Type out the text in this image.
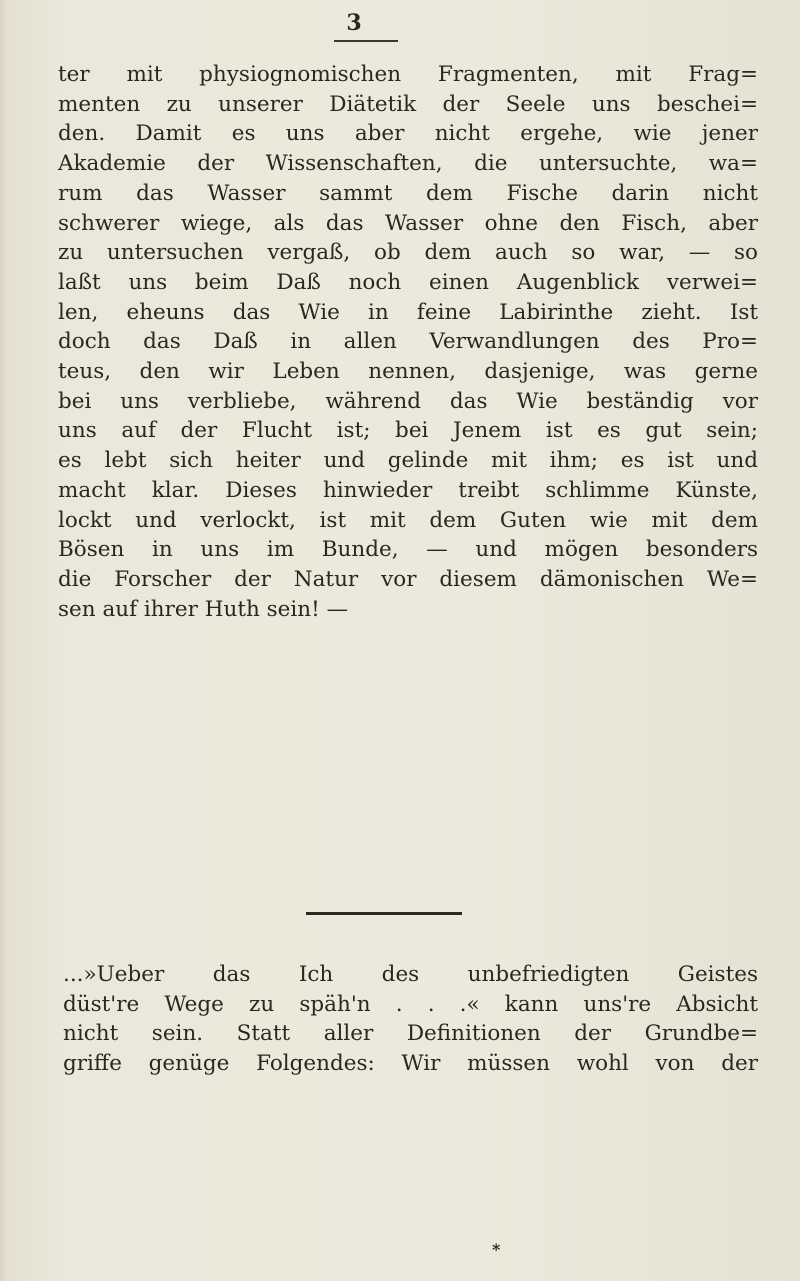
3
ter mit physiognomischen Fragmenten, mit Frag=
menten zu unserer Diätetik der Seele uns beschei=
den. Damit es uns aber nicht ergehe, wie jener
Akademie der Wissenschaften, die untersuchte, wa=
rum das Wasser sammt dem Fische darin nicht
schwerer wiege, als das Wasser ohne den Fisch, aber
zu untersuchen vergaß, ob dem auch so war, — so
laßt uns beim Daß noch einen Augenblick verwei=
len, eheuns das Wie in feine Labirinthe zieht. Ist
doch das Daß in allen Verwandlungen des Pro=
teus, den wir Leben nennen, dasjenige, was gerne
bei uns verbliebe, während das Wie beständig vor
uns auf der Flucht ist; bei Jenem ist es gut sein;
es lebt sich heiter und gelinde mit ihm; es ist und
macht klar. Dieses hinwieder treibt schlimme Künste,
lockt und verlockt, ist mit dem Guten wie mit dem
Bösen in uns im Bunde, — und mögen besonders
die Forscher der Natur vor diesem dämonischen We=
sen auf ihrer Huth sein! —
...»Ueber das Ich des unbefriedigten Geistes
düst're Wege zu späh'n . . .« kann uns're Absicht
nicht sein. Statt aller Definitionen der Grundbe=
griffe genüge Folgendes: Wir müssen wohl von der
*
